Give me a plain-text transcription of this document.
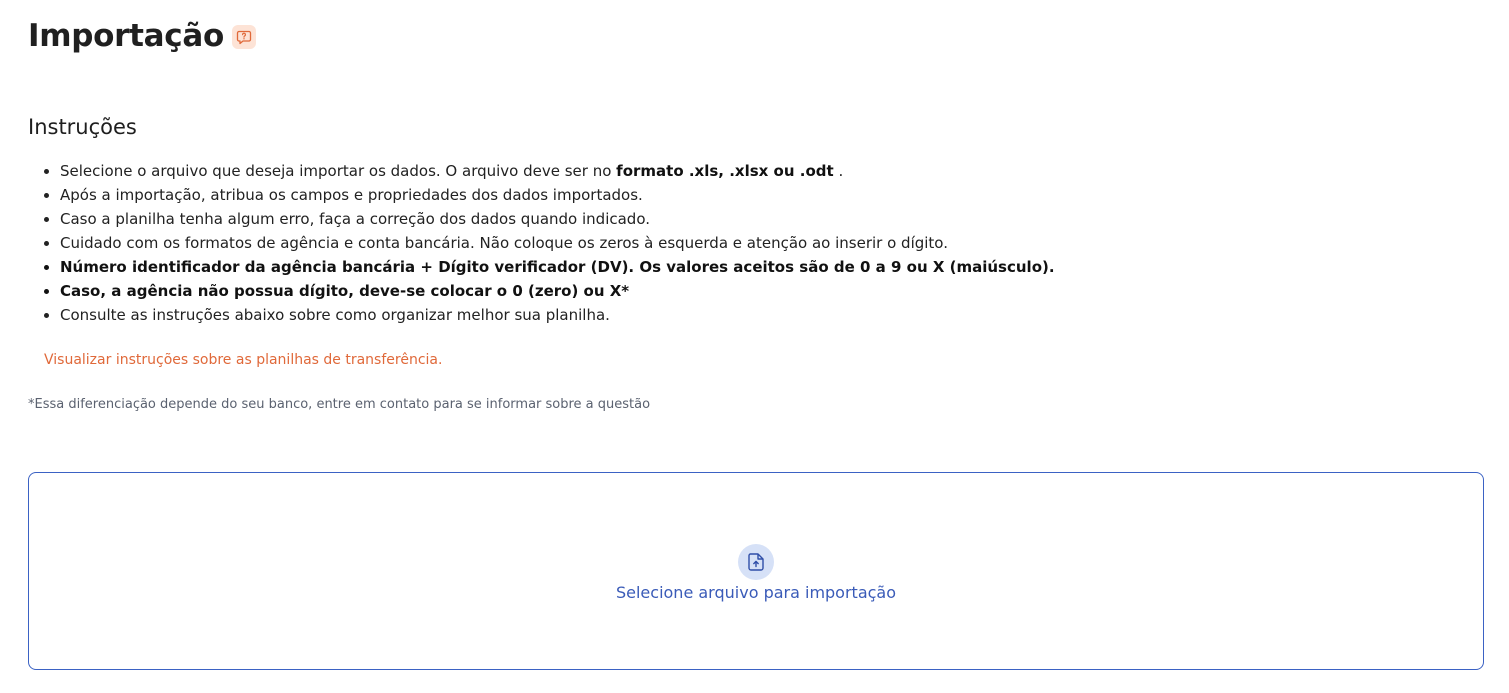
Importação
Instruções
• Selecione o arquivo que deseja importar os dados. O arquivo deve ser no formato .xls, .xlsx ou .odt .
• Após a importação, atribua os campos e propriedades dos dados importados.
• Caso a planilha tenha algum erro, faça a correção dos dados quando indicado.
• Cuidado com os formatos de agência e conta bancária. Não coloque os zeros à esquerda e atenção ao inserir o dígito.
• Número identificador da agência bancária + Dígito verificador (DV). Os valores aceitos são de 0 a 9 ou X (maiúsculo).
• Caso, a agência não possua dígito, deve-se colocar o 0 (zero) ou X*
• Consulte as instruções abaixo sobre como organizar melhor sua planilha.
Visualizar instruções sobre as planilhas de transferência.
*Essa diferenciação depende do seu banco, entre em contato para se informar sobre a questão
Selecione arquivo para importação
